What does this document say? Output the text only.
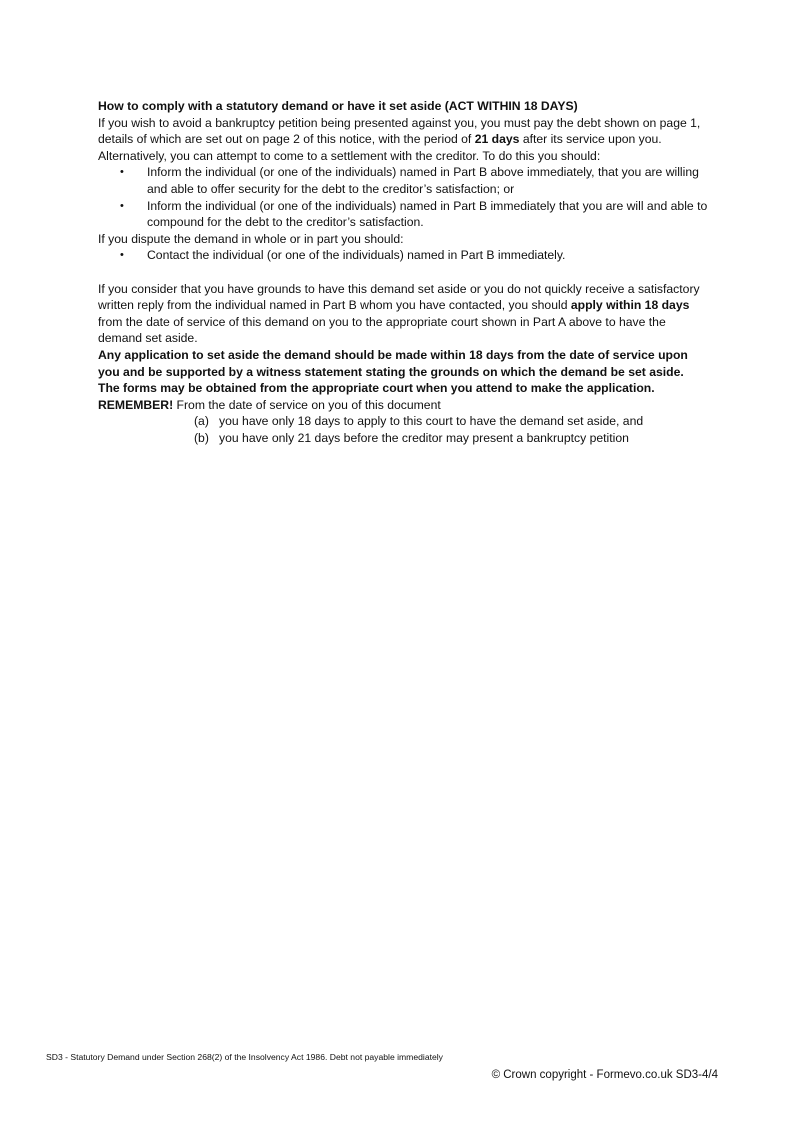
How to comply with a statutory demand or have it set aside (ACT WITHIN 18 DAYS)

If you wish to avoid a bankruptcy petition being presented against you, you must pay the debt shown on page 1, details of which are set out on page 2 of this notice, with the period of 21 days after its service upon you. Alternatively, you can attempt to come to a settlement with the creditor. To do this you should:

• Inform the individual (or one of the individuals) named in Part B above immediately, that you are willing and able to offer security for the debt to the creditor’s satisfaction; or
• Inform the individual (or one of the individuals) named in Part B immediately that you are will and able to compound for the debt to the creditor’s satisfaction.

If you dispute the demand in whole or in part you should:

• Contact the individual (or one of the individuals) named in Part B immediately.

If you consider that you have grounds to have this demand set aside or you do not quickly receive a satisfactory written reply from the individual named in Part B whom you have contacted, you should apply within 18 days from the date of service of this demand on you to the appropriate court shown in Part A above to have the demand set aside.

Any application to set aside the demand should be made within 18 days from the date of service upon you and be supported by a witness statement stating the grounds on which the demand be set aside. The forms may be obtained from the appropriate court when you attend to make the application.

REMEMBER! From the date of service on you of this document

(a) you have only 18 days to apply to this court to have the demand set aside, and
(b) you have only 21 days before the creditor may present a bankruptcy petition
SD3 - Statutory Demand under Section 268(2) of the Insolvency Act 1986. Debt not payable immediately
© Crown copyright - Formevo.co.uk SD3-4/4
